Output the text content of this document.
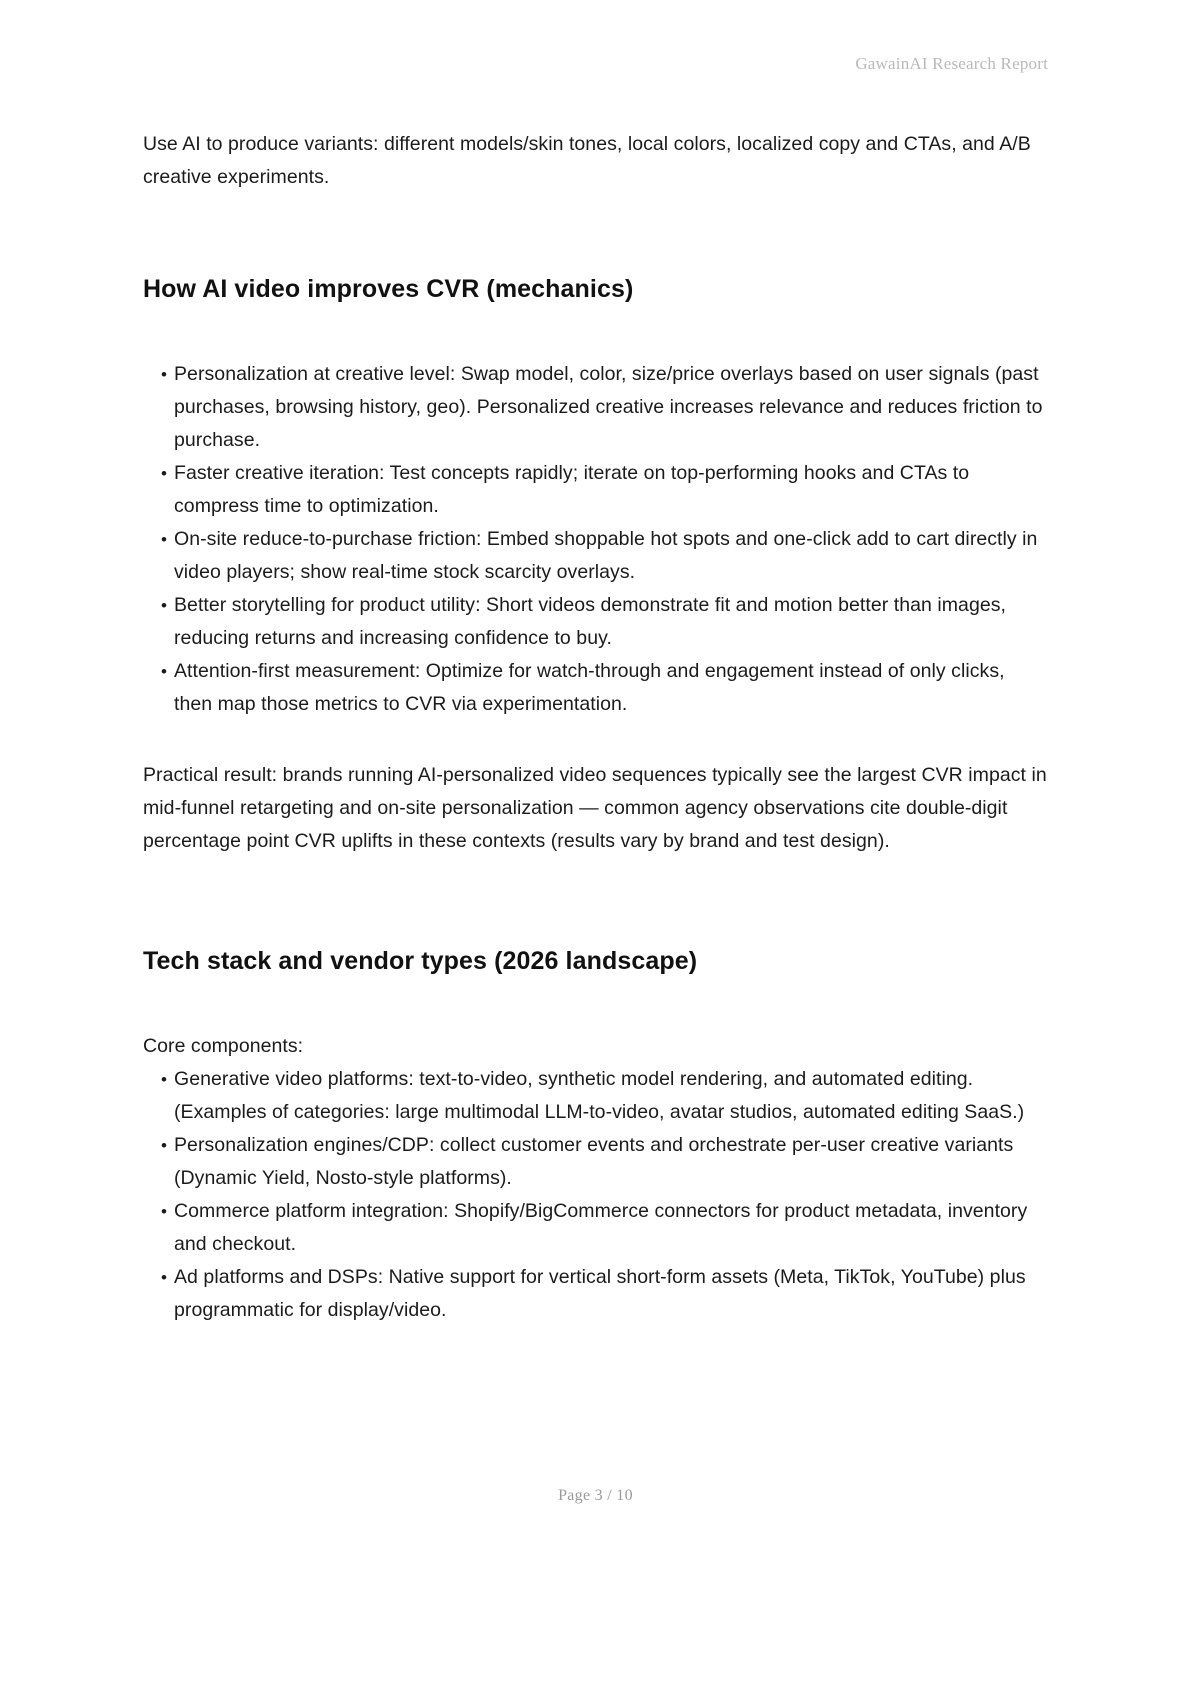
GawainAI Research Report

Use AI to produce variants: different models/skin tones, local colors, localized copy and CTAs, and A/B creative experiments.

How AI video improves CVR (mechanics)
• Personalization at creative level: Swap model, color, size/price overlays based on user signals (past purchases, browsing history, geo). Personalized creative increases relevance and reduces friction to purchase.
• Faster creative iteration: Test concepts rapidly; iterate on top-performing hooks and CTAs to compress time to optimization.
• On-site reduce-to-purchase friction: Embed shoppable hot spots and one-click add to cart directly in video players; show real-time stock scarcity overlays.
• Better storytelling for product utility: Short videos demonstrate fit and motion better than images, reducing returns and increasing confidence to buy.
• Attention-first measurement: Optimize for watch-through and engagement instead of only clicks, then map those metrics to CVR via experimentation.

Practical result: brands running AI-personalized video sequences typically see the largest CVR impact in mid-funnel retargeting and on-site personalization — common agency observations cite double-digit percentage point CVR uplifts in these contexts (results vary by brand and test design).

Tech stack and vendor types (2026 landscape)

Core components:

• Generative video platforms: text-to-video, synthetic model rendering, and automated editing. (Examples of categories: large multimodal LLM-to-video, avatar studios, automated editing SaaS.)
• Personalization engines/CDP: collect customer events and orchestrate per-user creative variants (Dynamic Yield, Nosto-style platforms).
• Commerce platform integration: Shopify/BigCommerce connectors for product metadata, inventory and checkout.
• Ad platforms and DSPs: Native support for vertical short-form assets (Meta, TikTok, YouTube) plus programmatic for display/video.
Page 3 / 10
